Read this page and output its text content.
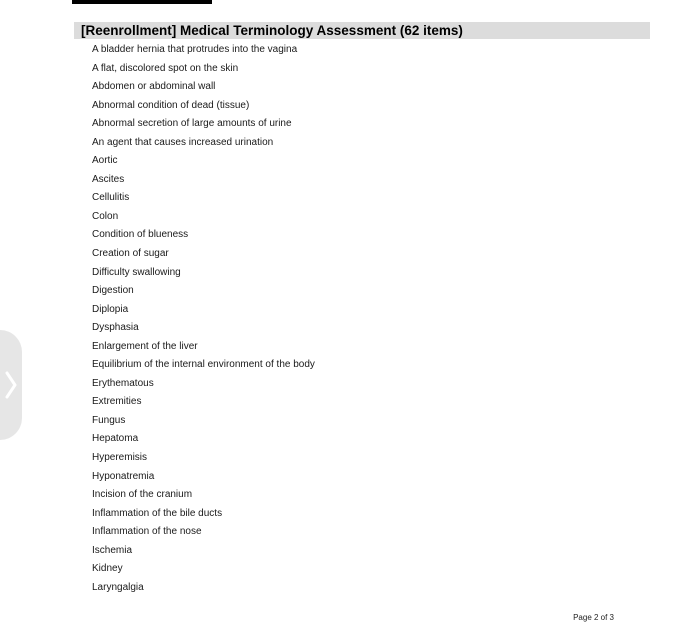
[Reenrollment] Medical Terminology Assessment (62 items)
A bladder hernia that protrudes into the vagina
A flat, discolored spot on the skin
Abdomen or abdominal wall
Abnormal condition of dead (tissue)
Abnormal secretion of large amounts of urine
An agent that causes increased urination
Aortic
Ascites
Cellulitis
Colon
Condition of blueness
Creation of sugar
Difficulty swallowing
Digestion
Diplopia
Dysphasia
Enlargement of the liver
Equilibrium of the internal environment of the body
Erythematous
Extremities
Fungus
Hepatoma
Hyperemisis
Hyponatremia
Incision of the cranium
Inflammation of the bile ducts
Inflammation of the nose
Ischemia
Kidney
Laryngalgia
Page 2 of 3
